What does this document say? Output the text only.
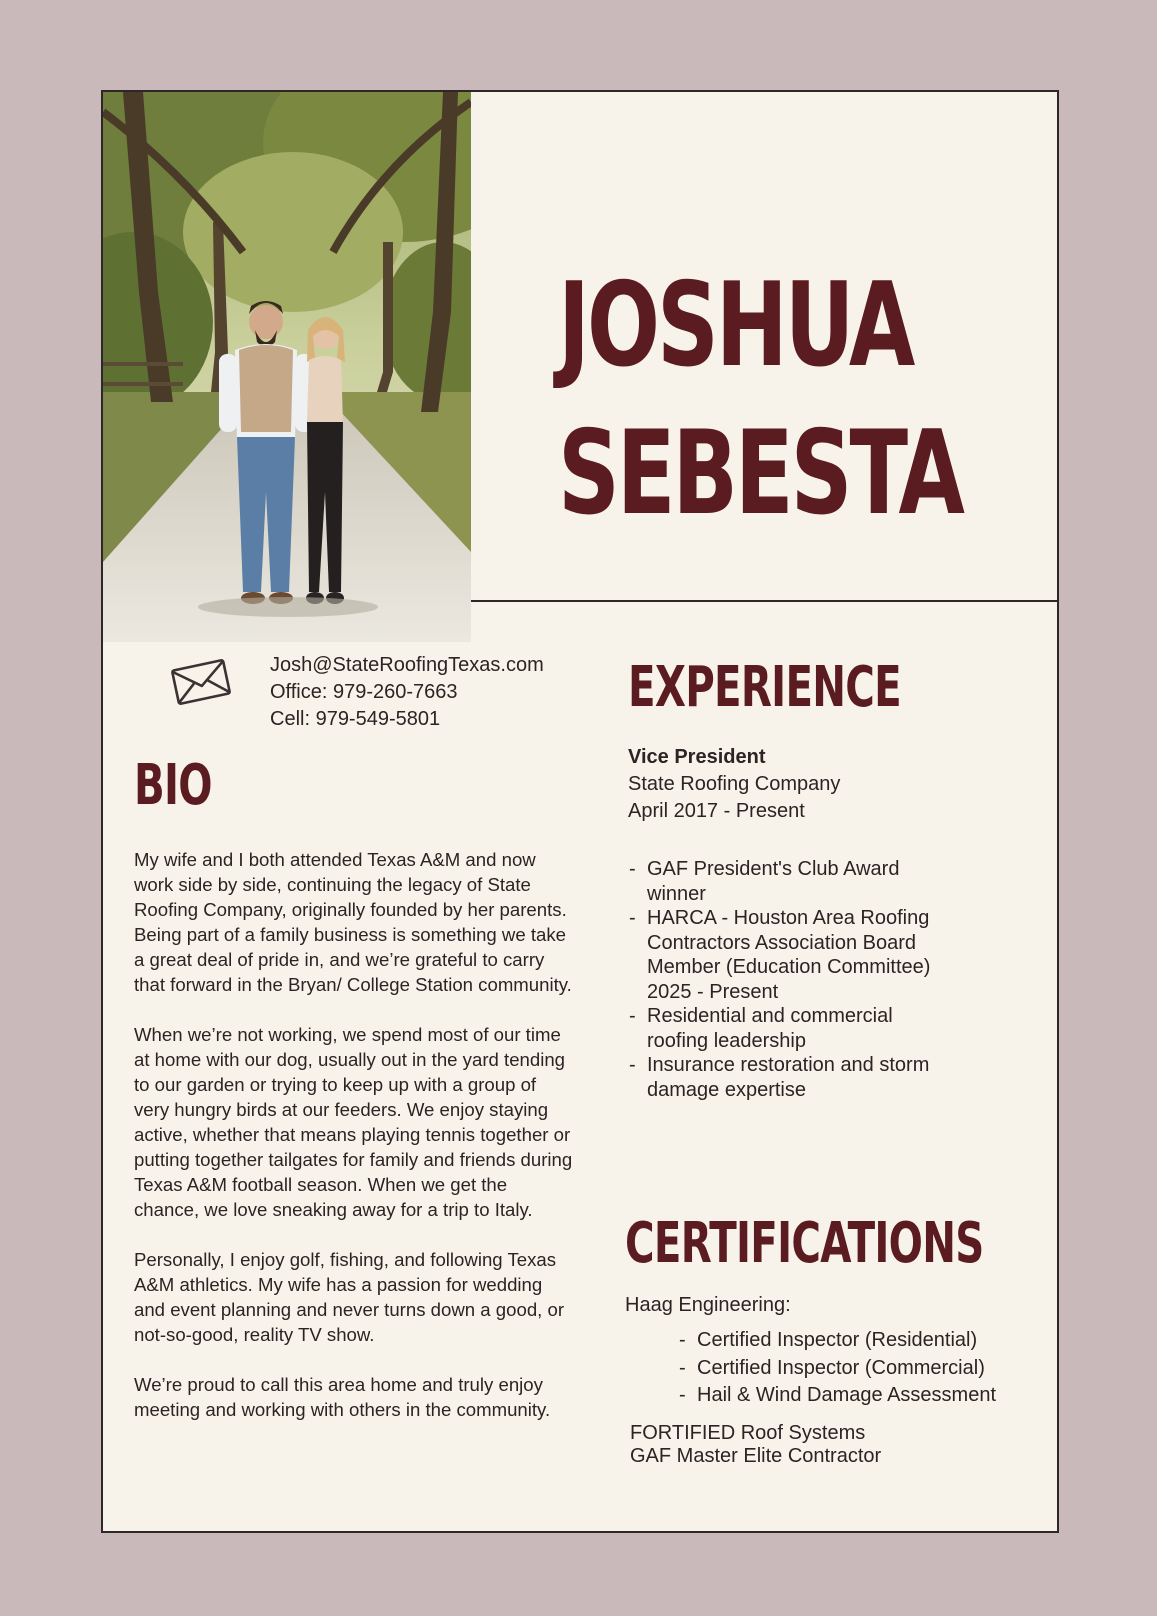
JOSHUA
SEBESTA
Josh@StateRoofingTexas.com
Office: 979-260-7663
Cell: 979-549-5801
BIO

My wife and I both attended Texas A&M and now work side by side, continuing the legacy of State Roofing Company, originally founded by her parents. Being part of a family business is something we take a great deal of pride in, and we’re grateful to carry that forward in the Bryan/ College Station community.

When we’re not working, we spend most of our time at home with our dog, usually out in the yard tending to our garden or trying to keep up with a group of very hungry birds at our feeders. We enjoy staying active, whether that means playing tennis together or putting together tailgates for family and friends during Texas A&M football season. When we get the chance, we love sneaking away for a trip to Italy.

Personally, I enjoy golf, fishing, and following Texas A&M athletics. My wife has a passion for wedding and event planning and never turns down a good, or not-so-good, reality TV show.

We’re proud to call this area home and truly enjoy meeting and working with others in the community.

EXPERIENCE
Vice President
State Roofing Company
April 2017 - Present
- GAF President's Club Award winner
- HARCA - Houston Area Roofing Contractors Association Board Member (Education Committee) 2025 - Present
- Residential and commercial roofing leadership
- Insurance restoration and storm damage expertise
CERTIFICATIONS
Haag Engineering:
- Certified Inspector (Residential)
- Certified Inspector (Commercial)
- Hail & Wind Damage Assessment
FORTIFIED Roof Systems
GAF Master Elite Contractor
